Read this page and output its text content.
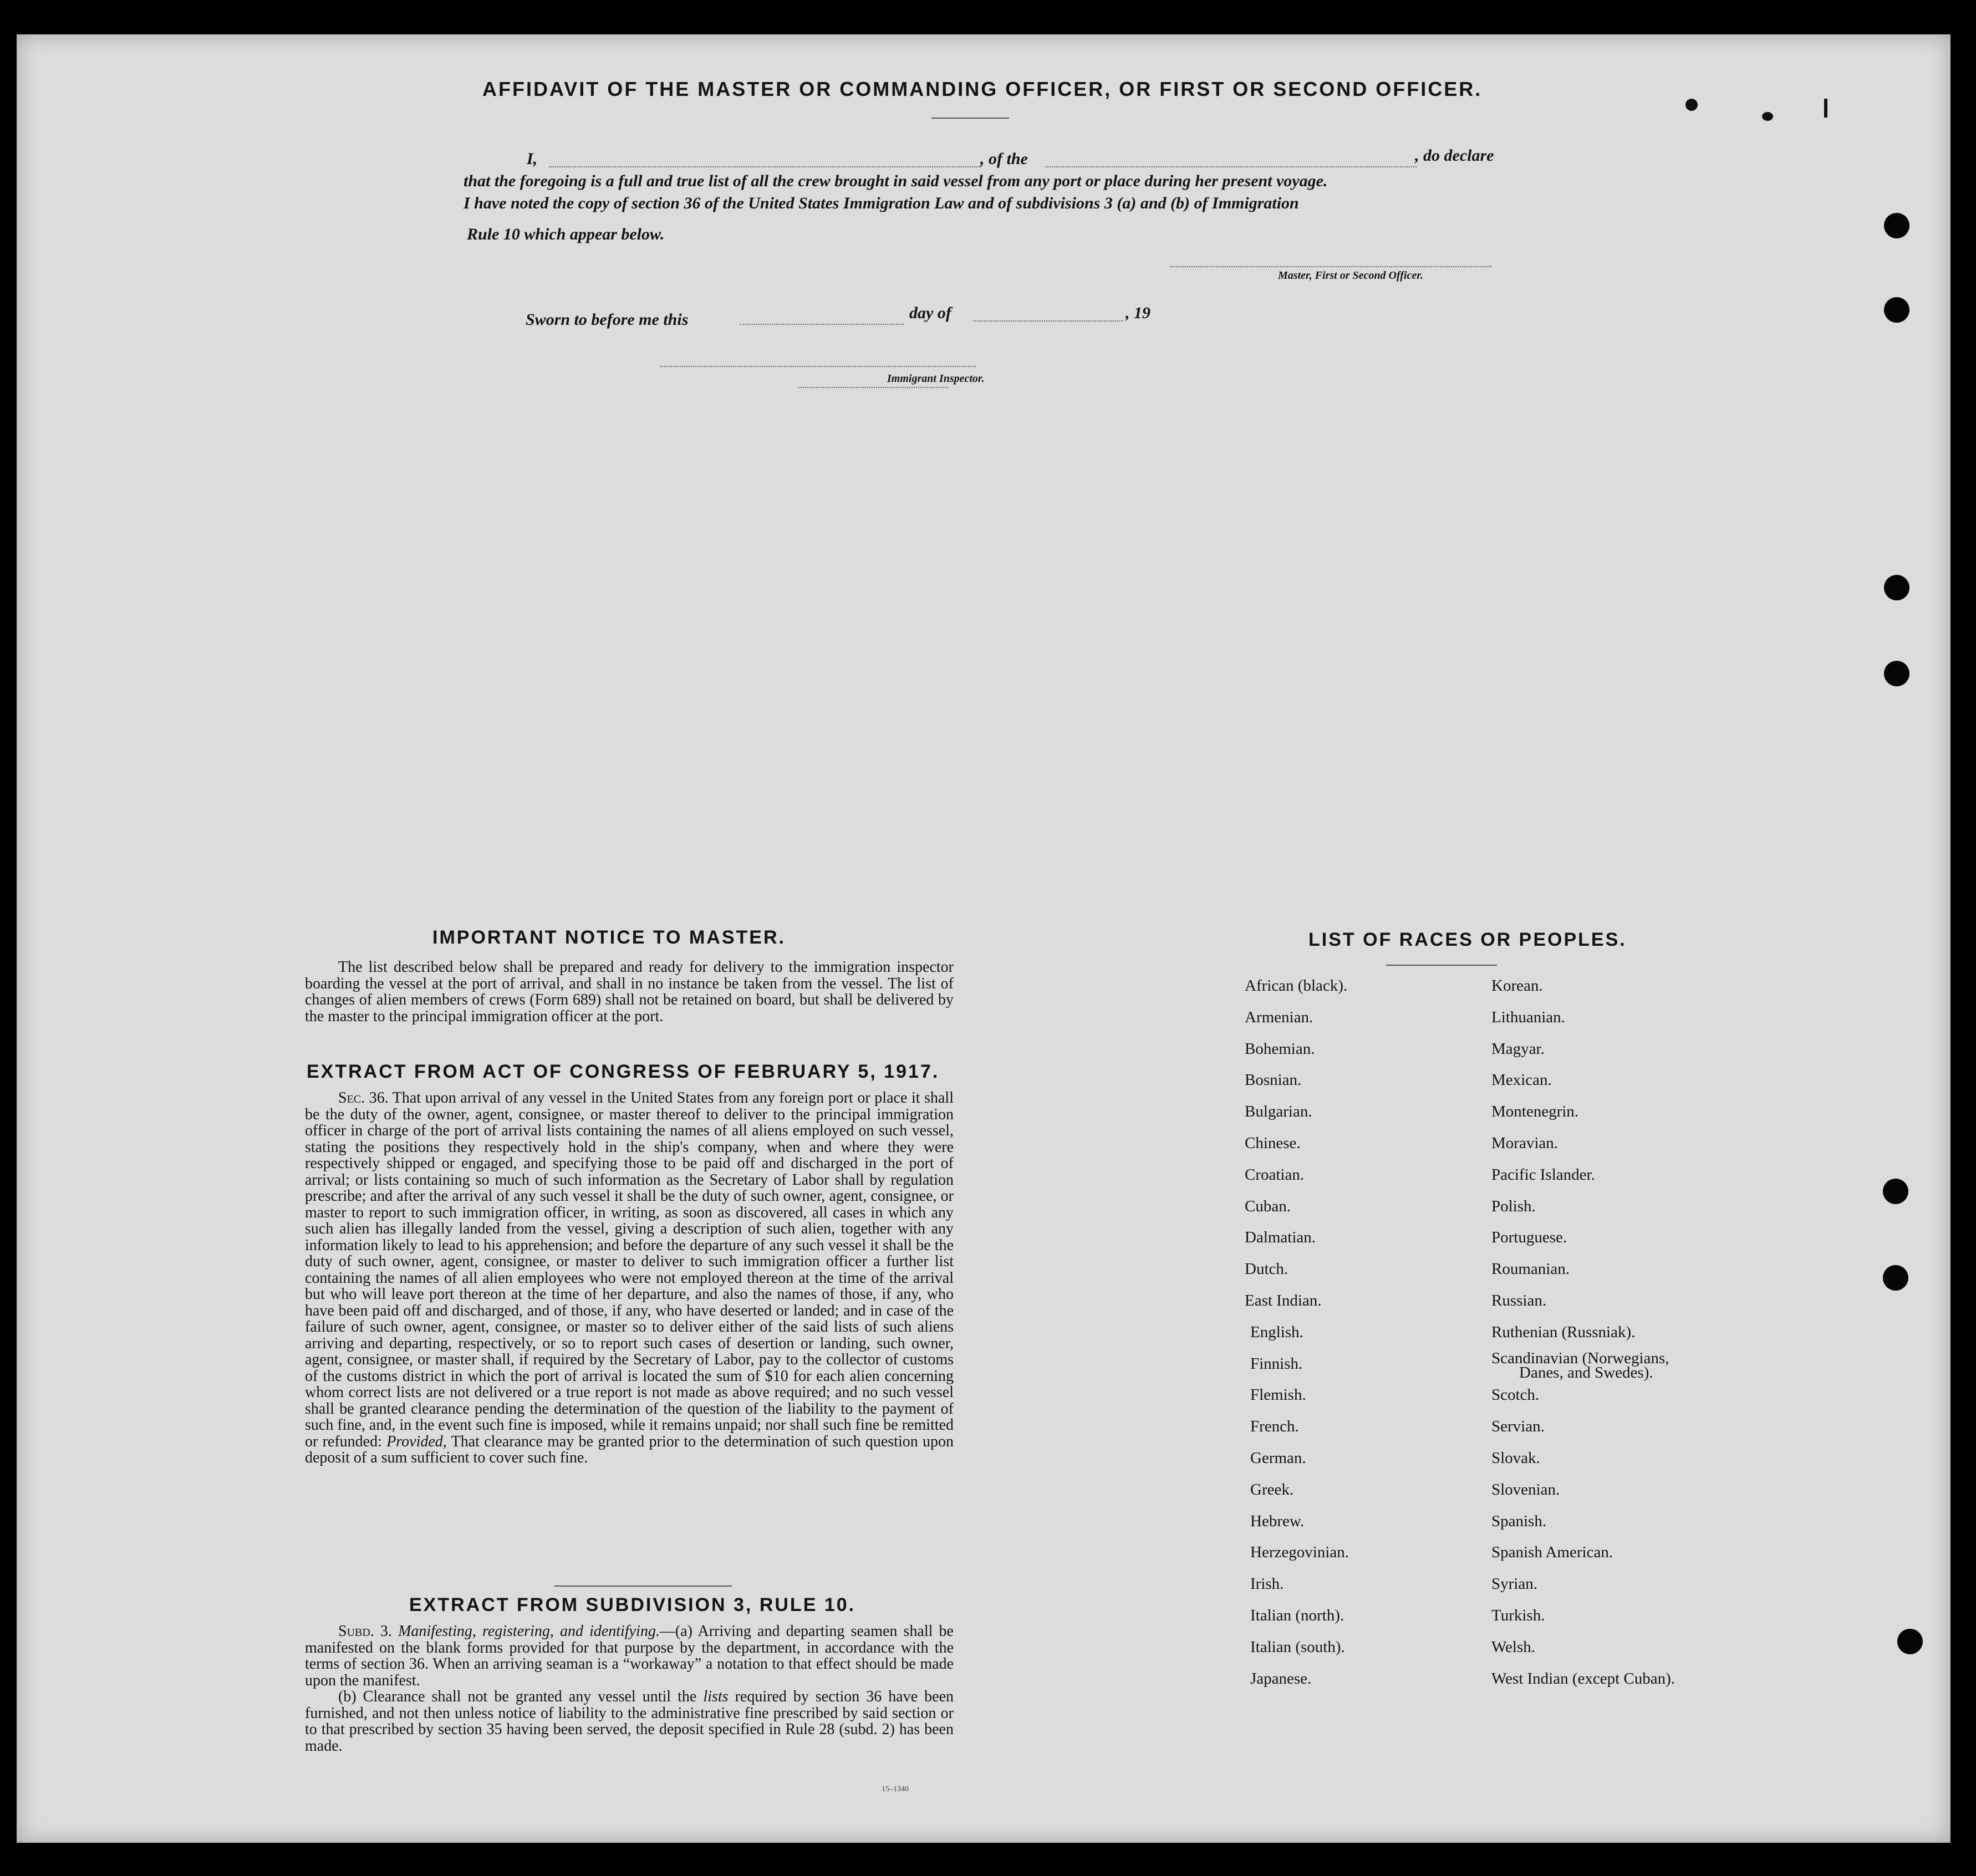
AFFIDAVIT OF THE MASTER OR COMMANDING OFFICER, OR FIRST OR SECOND OFFICER.
I,	, of the	, do declare
that the foregoing is a full and true list of all the crew brought in said vessel from any port or place during her present voyage.
I have noted the copy of section 36 of the United States Immigration Law and of subdivisions 3 (a) and (b) of Immigration
Rule 10 which appear below.
Master, First or Second Officer.
Sworn to before me this	day of	, 19
Immigrant Inspector.
IMPORTANT NOTICE TO MASTER.

The list described below shall be prepared and ready for delivery to the immigration inspector boarding the vessel at the port of arrival, and shall in no instance be taken from the vessel. The list of changes of alien members of crews (Form 689) shall not be retained on board, but shall be delivered by the master to the principal immigration officer at the port.

EXTRACT FROM ACT OF CONGRESS OF FEBRUARY 5, 1917.

Sec. 36. That upon arrival of any vessel in the United States from any foreign port or place it shall be the duty of the owner, agent, consignee, or master thereof to deliver to the principal immigration officer in charge of the port of arrival lists containing the names of all aliens employed on such vessel, stating the positions they respectively hold in the ship's company, when and where they were respectively shipped or engaged, and specifying those to be paid off and discharged in the port of arrival; or lists containing so much of such information as the Secretary of Labor shall by regulation prescribe; and after the arrival of any such vessel it shall be the duty of such owner, agent, consignee, or master to report to such immigration officer, in writing, as soon as discovered, all cases in which any such alien has illegally landed from the vessel, giving a description of such alien, together with any information likely to lead to his apprehension; and before the departure of any such vessel it shall be the duty of such owner, agent, consignee, or master to deliver to such immigration officer a further list containing the names of all alien employees who were not employed thereon at the time of the arrival but who will leave port thereon at the time of her departure, and also the names of those, if any, who have been paid off and discharged, and of those, if any, who have deserted or landed; and in case of the failure of such owner, agent, consignee, or master so to deliver either of the said lists of such aliens arriving and departing, respectively, or so to report such cases of desertion or landing, such owner, agent, consignee, or master shall, if required by the Secretary of Labor, pay to the collector of customs of the customs district in which the port of arrival is located the sum of $10 for each alien concerning whom correct lists are not delivered or a true report is not made as above required; and no such vessel shall be granted clearance pending the determination of the question of the liability to the payment of such fine, and, in the event such fine is imposed, while it remains unpaid; nor shall such fine be remitted or refunded: Provided, That clearance may be granted prior to the determination of such question upon deposit of a sum sufficient to cover such fine.

EXTRACT FROM SUBDIVISION 3, RULE 10.

Subd. 3. Manifesting, registering, and identifying.—(a) Arriving and departing seamen shall be manifested on the blank forms provided for that purpose by the department, in accordance with the terms of section 36. When an arriving seaman is a “workaway” a notation to that effect should be made upon the manifest.

(b) Clearance shall not be granted any vessel until the lists required by section 36 have been furnished, and not then unless notice of liability to the administrative fine prescribed by said section or to that prescribed by section 35 having been served, the deposit specified in Rule 28 (subd. 2) has been made.

15–1340
LIST OF RACES OR PEOPLES.
African (black).
Armenian.
Bohemian.
Bosnian.
Bulgarian.
Chinese.
Croatian.
Cuban.
Dalmatian.
Dutch.
East Indian.
English.
Finnish.
Flemish.
French.
German.
Greek.
Hebrew.
Herzegovinian.
Irish.
Italian (north).
Italian (south).
Japanese.
Korean.
Lithuanian.
Magyar.
Mexican.
Montenegrin.
Moravian.
Pacific Islander.
Polish.
Portuguese.
Roumanian.
Russian.
Ruthenian (Russniak).
Scandinavian (Norwegians,
Danes, and Swedes).
Scotch.
Servian.
Slovak.
Slovenian.
Spanish.
Spanish American.
Syrian.
Turkish.
Welsh.
West Indian (except Cuban).
